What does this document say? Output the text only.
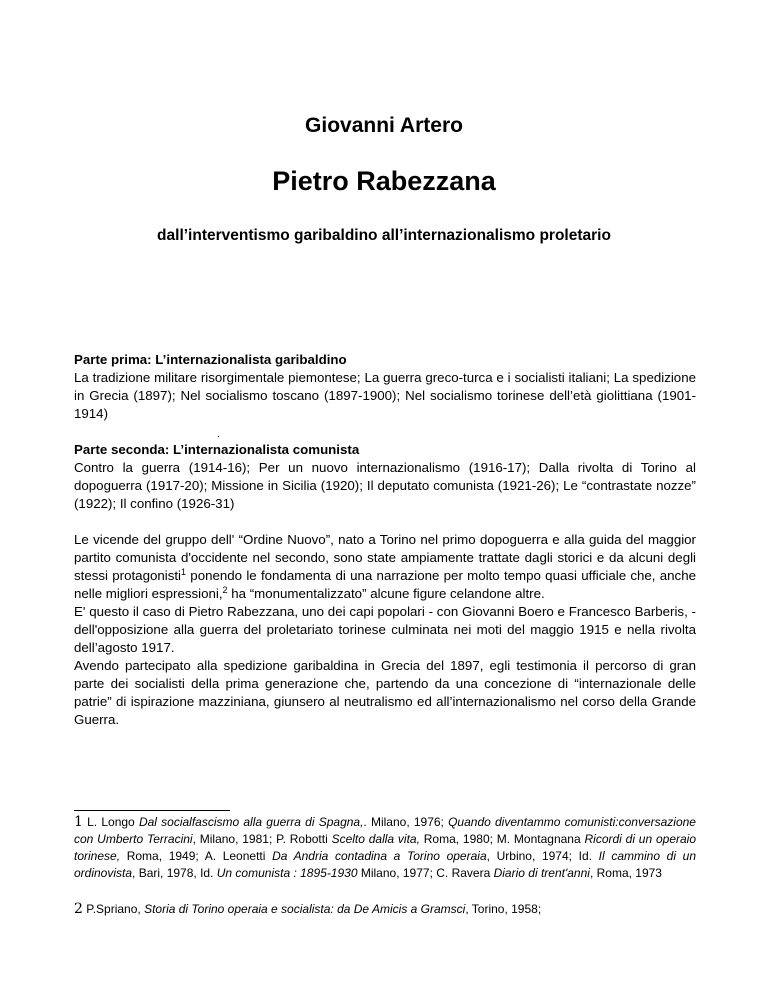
Giovanni Artero
Pietro Rabezzana
dall’interventismo garibaldino all’internazionalismo proletario

Parte prima: L’internazionalista garibaldino

La tradizione militare risorgimentale piemontese; La guerra greco-turca e i socialisti italiani; La spedizione in Grecia (1897); Nel socialismo toscano (1897-1900); Nel socialismo torinese dell’età giolittiana (1901-1914)

.

Parte seconda: L’internazionalista comunista

Contro la guerra (1914-16); Per un nuovo internazionalismo (1916-17); Dalla rivolta di Torino al dopoguerra (1917-20); Missione in Sicilia (1920); Il deputato comunista (1921-26); Le “contrastate nozze” (1922); Il confino (1926-31)

Le vicende del gruppo dell' “Ordine Nuovo”, nato a Torino nel primo dopoguerra e alla guida del maggior partito comunista d'occidente nel secondo, sono state ampiamente trattate dagli storici e da alcuni degli stessi protagonisti$^1$ ponendo le fondamenta di una narrazione per molto tempo quasi ufficiale che, anche nelle migliori espressioni,$^2$ ha “monumentalizzato” alcune figure celandone altre.

E' questo il caso di Pietro Rabezzana, uno dei capi popolari - con Giovanni Boero e Francesco Barberis, - dell'opposizione alla guerra del proletariato torinese culminata nei moti del maggio 1915 e nella rivolta dell’agosto 1917.

Avendo partecipato alla spedizione garibaldina in Grecia del 1897, egli testimonia il percorso di gran parte dei socialisti della prima generazione che, partendo da una concezione di “internazionale delle patrie” di ispirazione mazziniana, giunsero al neutralismo ed all’internazionalismo nel corso della Grande Guerra.

1 L. Longo Dal socialfascismo alla guerra di Spagna,. Milano, 1976; Quando diventammo comunisti:conversazione con Umberto Terracini, Milano, 1981; P. Robotti Scelto dalla vita, Roma, 1980; M. Montagnana Ricordi di un operaio torinese, Roma, 1949; A. Leonetti Da Andria contadina a Torino operaia, Urbino, 1974; Id. Il cammino di un ordinovista, Bari, 1978, Id. Un comunista : 1895-1930 Milano, 1977; C. Ravera Diario di trent'anni, Roma, 1973
2 P.Spriano, Storia di Torino operaia e socialista: da De Amicis a Gramsci, Torino, 1958;
